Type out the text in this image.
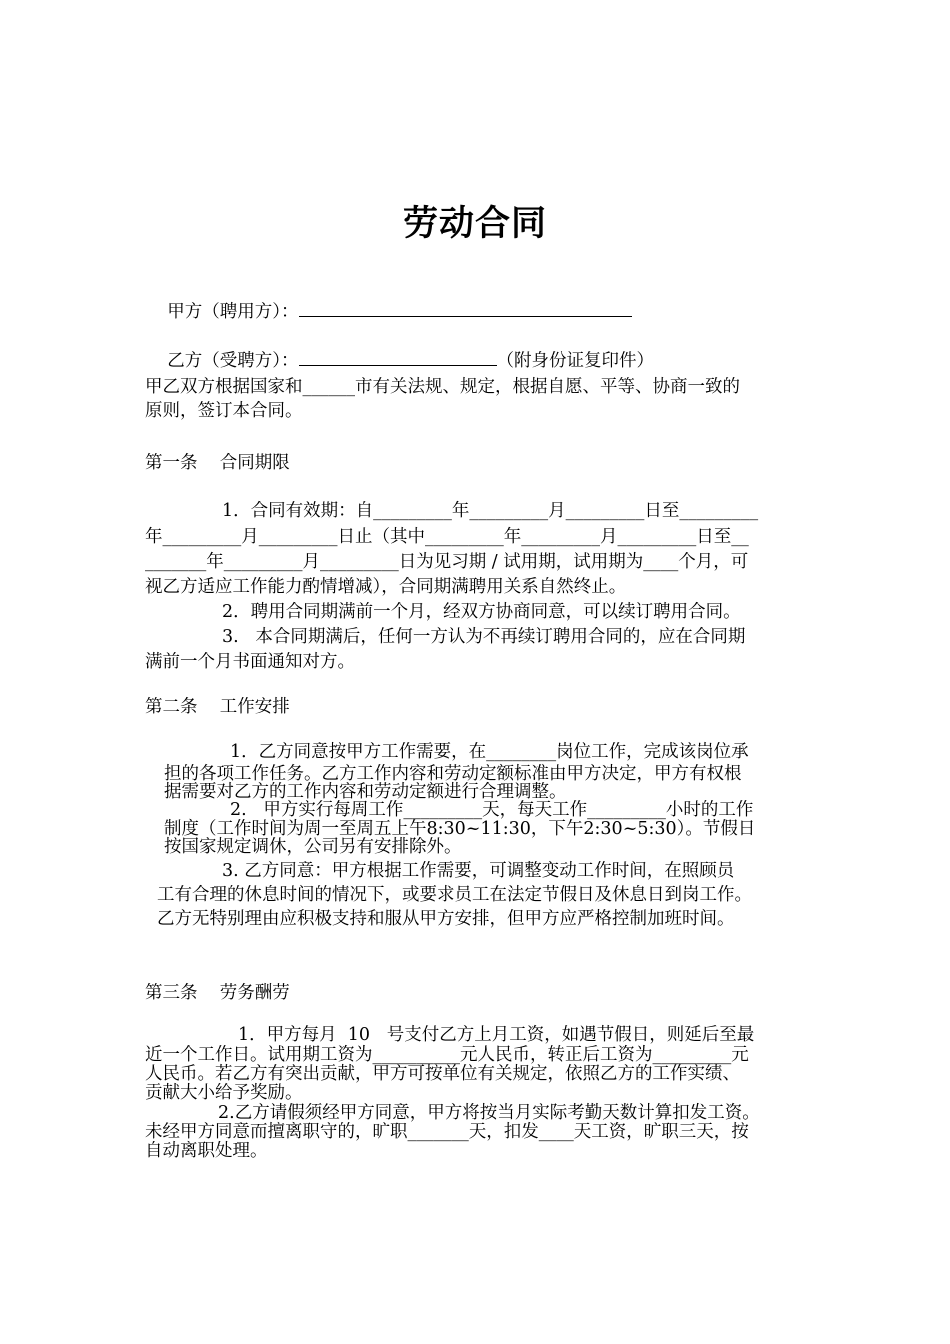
劳动合同

甲方（聘用方）：

乙方（受聘方）：	（附身份证复印件）

甲乙双方根据国家和______市有关法规、规定，根据自愿、平等、协商一致的
原则，签订本合同。
第一条    合同期限
1．合同有效期：自_________年_________月_________日至_________
年_________月_________日止（其中_________年_________月_________日至__
_______年_________月_________日为见习期 / 试用期，试用期为____个月，可
视乙方适应工作能力酌情增减），合同期满聘用关系自然终止。
2．聘用合同期满前一个月，经双方协商同意，可以续订聘用合同。
3.   本合同期满后，任何一方认为不再续订聘用合同的，应在合同期
满前一个月书面通知对方。
第二条    工作安排
1．乙方同意按甲方工作需要，在________岗位工作，完成该岗位承
担的各项工作任务。乙方工作内容和劳动定额标准由甲方决定，甲方有权根
据需要对乙方的工作内容和劳动定额进行合理调整。
2.   甲方实行每周工作_________天，每天工作_________小时的工作
制度（工作时间为周一至周五上午8:30~11:30，下午2:30~5:30）。节假日
按国家规定调休，公司另有安排除外。
3. 乙方同意：甲方根据工作需要，可调整变动工作时间，在照顾员
工有合理的休息时间的情况下，或要求员工在法定节假日及休息日到岗工作。
乙方无特别理由应积极支持和服从甲方安排，但甲方应严格控制加班时间。
第三条    劳务酬劳
1．甲方每月  10   号支付乙方上月工资，如遇节假日，则延后至最
近一个工作日。试用期工资为__________元人民币，转正后工资为_________元
人民币。若乙方有突出贡献，甲方可按单位有关规定，依照乙方的工作实绩、
贡献大小给予奖励。
2.乙方请假须经甲方同意，甲方将按当月实际考勤天数计算扣发工资。
未经甲方同意而擅离职守的，旷职_______天，扣发____天工资，旷职三天，按
自动离职处理。
